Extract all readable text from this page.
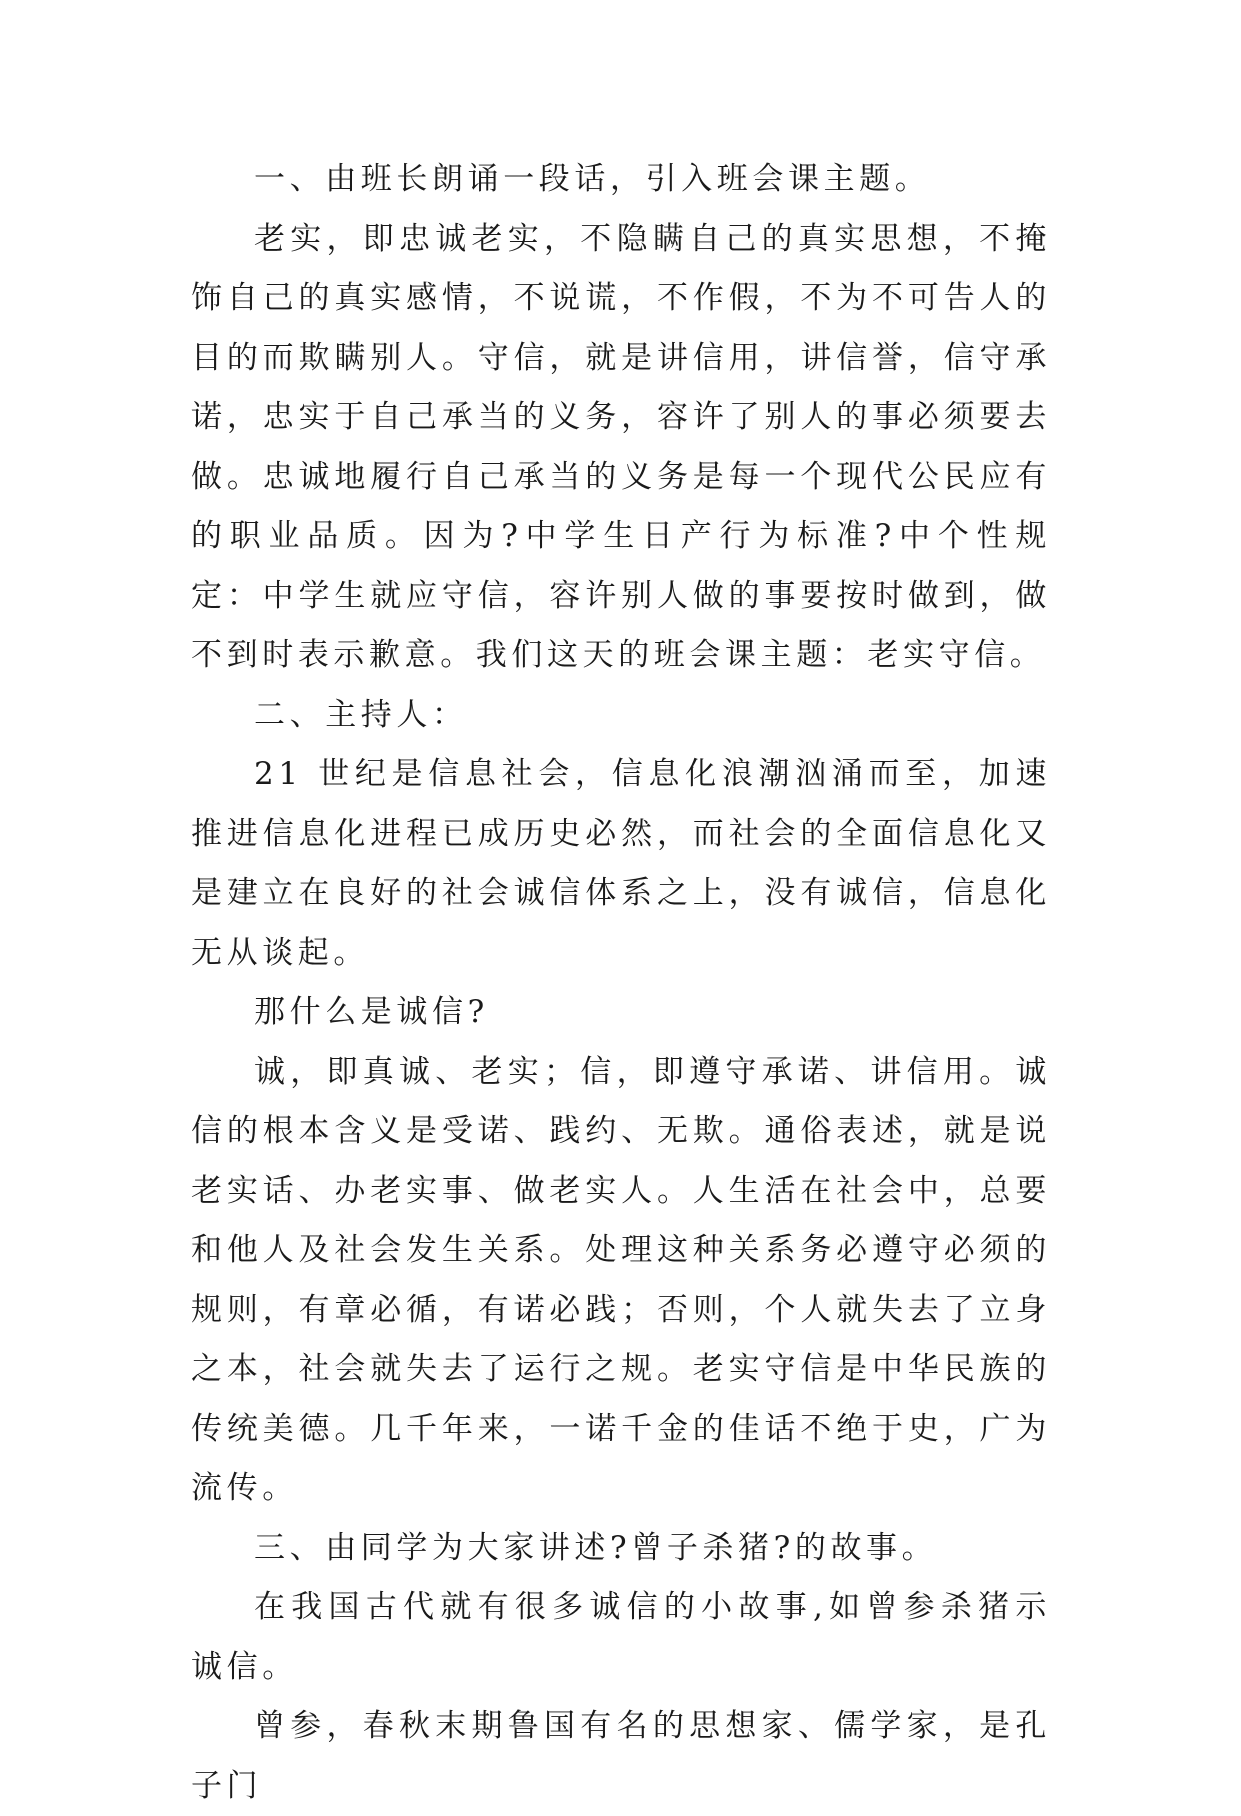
一、由班长朗诵一段话，引入班会课主题。

老实，即忠诚老实，不隐瞒自己的真实思想，不掩饰自己的真实感情，不说谎，不作假，不为不可告人的目的而欺瞒别人。守信，就是讲信用，讲信誉，信守承诺，忠实于自己承当的义务，容许了别人的事必须要去做。忠诚地履行自己承当的义务是每一个现代公民应有的职业品质。因为?中学生日产行为标准?中个性规定：中学生就应守信，容许别人做的事要按时做到，做不到时表示歉意。我们这天的班会课主题：老实守信。

二、主持人：

21 世纪是信息社会，信息化浪潮汹涌而至，加速推进信息化进程已成历史必然，而社会的全面信息化又是建立在良好的社会诚信体系之上，没有诚信，信息化无从谈起。

那什么是诚信?

诚，即真诚、老实；信，即遵守承诺、讲信用。诚信的根本含义是受诺、践约、无欺。通俗表述，就是说老实话、办老实事、做老实人。人生活在社会中，总要和他人及社会发生关系。处理这种关系务必遵守必须的规则，有章必循，有诺必践；否则，个人就失去了立身之本，社会就失去了运行之规。老实守信是中华民族的传统美德。几千年来，一诺千金的佳话不绝于史，广为流传。

三、由同学为大家讲述?曾子杀猪?的故事。

在我国古代就有很多诚信的小故事,如曾参杀猪示诚信。

曾参，春秋末期鲁国有名的思想家、儒学家，是孔子门
